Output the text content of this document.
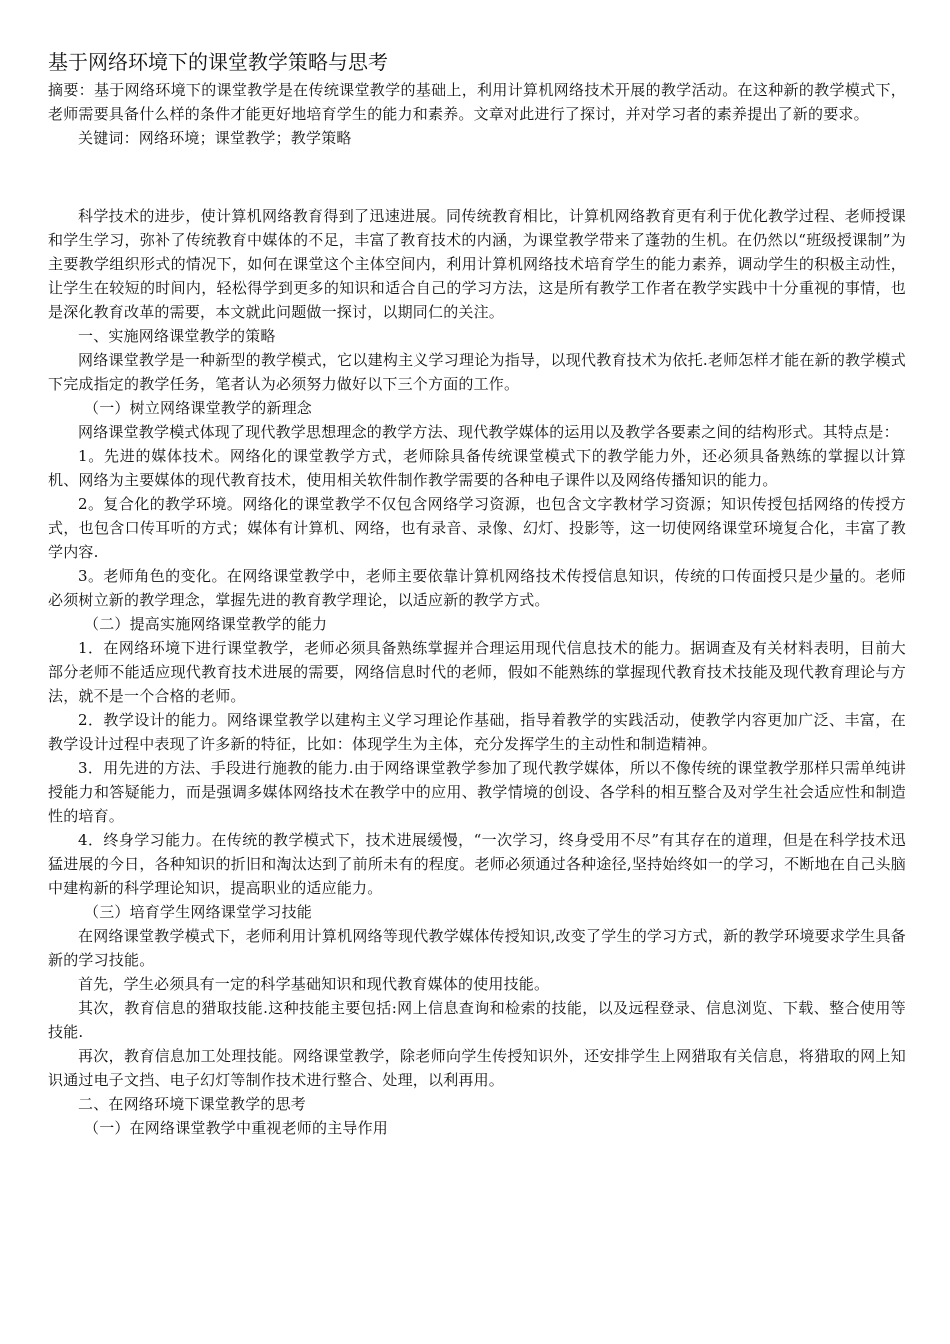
基于网络环境下的课堂教学策略与思考

摘要：基于网络环境下的课堂教学是在传统课堂教学的基础上，利用计算机网络技术开展的教学活动。在这种新的教学模式下，老师需要具备什么样的条件才能更好地培育学生的能力和素养。文章对此进行了探讨，并对学习者的素养提出了新的要求。

关键词：网络环境；课堂教学；教学策略

科学技术的进步，使计算机网络教育得到了迅速进展。同传统教育相比，计算机网络教育更有利于优化教学过程、老师授课和学生学习，弥补了传统教育中媒体的不足，丰富了教育技术的内涵，为课堂教学带来了蓬勃的生机。在仍然以“班级授课制”为主要教学组织形式的情况下，如何在课堂这个主体空间内，利用计算机网络技术培育学生的能力素养，调动学生的积极主动性，让学生在较短的时间内，轻松得学到更多的知识和适合自己的学习方法，这是所有教学工作者在教学实践中十分重视的事情，也是深化教育改革的需要，本文就此问题做一探讨，以期同仁的关注。

一、实施网络课堂教学的策略

网络课堂教学是一种新型的教学模式，它以建构主义学习理论为指导，以现代教育技术为依托.老师怎样才能在新的教学模式下完成指定的教学任务，笔者认为必须努力做好以下三个方面的工作。

（一）树立网络课堂教学的新理念

网络课堂教学模式体现了现代教学思想理念的教学方法、现代教学媒体的运用以及教学各要素之间的结构形式。其特点是：

1。先进的媒体技术。网络化的课堂教学方式，老师除具备传统课堂模式下的教学能力外，还必须具备熟练的掌握以计算机、网络为主要媒体的现代教育技术，使用相关软件制作教学需要的各种电子课件以及网络传播知识的能力。

2。复合化的教学环境。网络化的课堂教学不仅包含网络学习资源，也包含文字教材学习资源；知识传授包括网络的传授方式，也包含口传耳听的方式；媒体有计算机、网络，也有录音、录像、幻灯、投影等，这一切使网络课堂环境复合化，丰富了教学内容.

3。老师角色的变化。在网络课堂教学中，老师主要依靠计算机网络技术传授信息知识，传统的口传面授只是少量的。老师必须树立新的教学理念，掌握先进的教育教学理论，以适应新的教学方式。

（二）提高实施网络课堂教学的能力

1．在网络环境下进行课堂教学，老师必须具备熟练掌握并合理运用现代信息技术的能力。据调查及有关材料表明，目前大部分老师不能适应现代教育技术进展的需要，网络信息时代的老师，假如不能熟练的掌握现代教育技术技能及现代教育理论与方法，就不是一个合格的老师。

2．教学设计的能力。网络课堂教学以建构主义学习理论作基础，指导着教学的实践活动，使教学内容更加广泛、丰富，在教学设计过程中表现了许多新的特征，比如：体现学生为主体，充分发挥学生的主动性和制造精神。

3．用先进的方法、手段进行施教的能力.由于网络课堂教学参加了现代教学媒体，所以不像传统的课堂教学那样只需单纯讲授能力和答疑能力，而是强调多媒体网络技术在教学中的应用、教学情境的创设、各学科的相互整合及对学生社会适应性和制造性的培育。

4．终身学习能力。在传统的教学模式下，技术进展缓慢，“一次学习，终身受用不尽”有其存在的道理，但是在科学技术迅猛进展的今日，各种知识的折旧和淘汰达到了前所未有的程度。老师必须通过各种途径,坚持始终如一的学习，不断地在自己头脑中建构新的科学理论知识，提高职业的适应能力。

（三）培育学生网络课堂学习技能

在网络课堂教学模式下，老师利用计算机网络等现代教学媒体传授知识,改变了学生的学习方式，新的教学环境要求学生具备新的学习技能。

首先，学生必须具有一定的科学基础知识和现代教育媒体的使用技能。

其次，教育信息的猎取技能.这种技能主要包括:网上信息查询和检索的技能，以及远程登录、信息浏览、下载、整合使用等技能.

再次，教育信息加工处理技能。网络课堂教学，除老师向学生传授知识外，还安排学生上网猎取有关信息，将猎取的网上知识通过电子文挡、电子幻灯等制作技术进行整合、处理，以利再用。

二、在网络环境下课堂教学的思考

（一）在网络课堂教学中重视老师的主导作用
